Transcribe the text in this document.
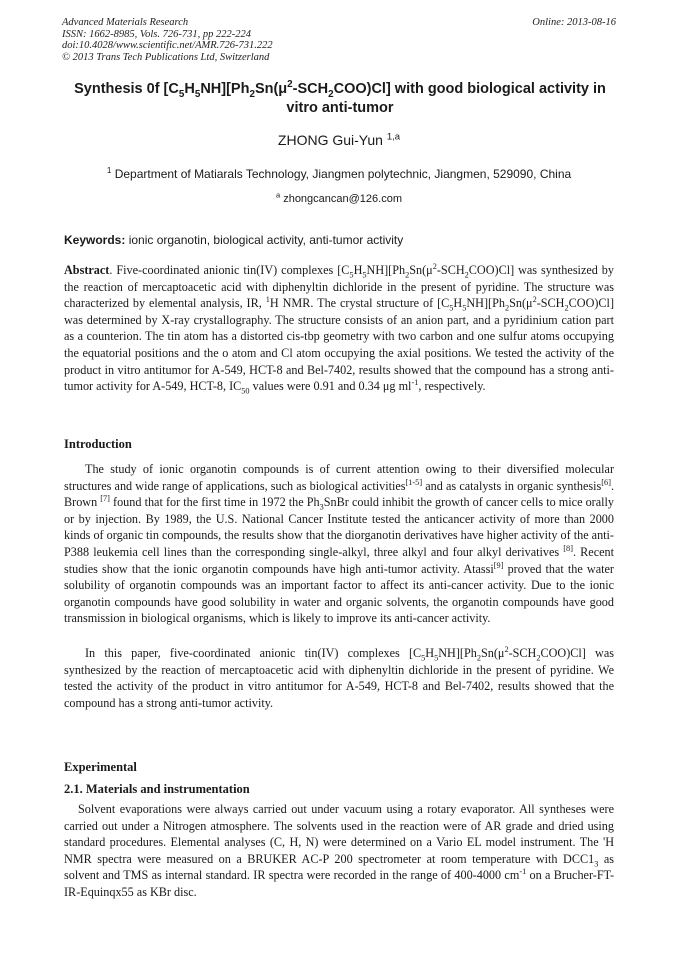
Advanced Materials Research
ISSN: 1662-8985, Vols. 726-731, pp 222-224
doi:10.4028/www.scientific.net/AMR.726-731.222
© 2013 Trans Tech Publications Ltd, Switzerland
Online: 2013-08-16
Synthesis 0f $[C_5H_5NH][Ph_2Sn(\mu^2-SCH_2COO)Cl]$ with good biological activity in vitro anti-tumor
ZHONG Gui-Yun $^{1,a}$
$^1$ Department of Matiarals Technology, Jiangmen polytechnic, Jiangmen, 529090, China
$^a$ zhongcancan@126.com
Keywords: ionic organotin, biological activity, anti-tumor activity
Abstract. Five-coordinated anionic tin(IV) complexes $[C_5H_5NH][Ph_2Sn(\mu^2-SCH_2COO)Cl]$ was synthesized by the reaction of mercaptoacetic acid with diphenyltin dichloride in the present of pyridine. The structure was characterized by elemental analysis, IR, $^1$H NMR. The crystal structure of $[C_5H_5NH][Ph_2Sn(\mu^2-SCH_2COO)Cl]$ was determined by X-ray crystallography. The structure consists of an anion part, and a pyridinium cation part as a counterion. The tin atom has a distorted cis-tbp geometry with two carbon and one sulfur atoms occupying the equatorial positions and the o atom and Cl atom occupying the axial positions. We tested the activity of the product in vitro antitumor for A-549, HCT-8 and Bel-7402, results showed that the compound has a strong anti-tumor activity for A-549, HCT-8, $IC_{50}$ values were 0.91 and 0.34 μg $ml^{-1}$, respectively.
Introduction
The study of ionic organotin compounds is of current attention owing to their diversified molecular structures and wide range of applications, such as biological activities[1-5] and as catalysts in organic synthesis[6]. Brown [7] found that for the first time in 1972 the $Ph_3SnBr$ could inhibit the growth of cancer cells to mice orally or by injection. By 1989, the U.S. National Cancer Institute tested the anticancer activity of more than 2000 kinds of organic tin compounds, the results show that the diorganotin derivatives have higher activity of the anti-P388 leukemia cell lines than the corresponding single-alkyl, three alkyl and four alkyl derivatives [8]. Recent studies show that the ionic organotin compounds have high anti-tumor activity. Atassi[9] proved that the water solubility of organotin compounds was an important factor to affect its anti-cancer activity. Due to the ionic organotin compounds have good solubility in water and organic solvents, the organotin compounds have good transmission in biological organisms, which is likely to improve its anti-cancer activity.
In this paper, five-coordinated anionic tin(IV) complexes $[C_5H_5NH][Ph_2Sn(\mu^2-SCH_2COO)Cl]$ was synthesized by the reaction of mercaptoacetic acid with diphenyltin dichloride in the present of pyridine. We tested the activity of the product in vitro antitumor for A-549, HCT-8 and Bel-7402, results showed that the compound has a strong anti-tumor activity.
Experimental
2.1. Materials and instrumentation
Solvent evaporations were always carried out under vacuum using a rotary evaporator. All syntheses were carried out under a Nitrogen atmosphere. The solvents used in the reaction were of AR grade and dried using standard procedures. Elemental analyses (C, H, N) were determined on a Vario EL model instrument. The 'H NMR spectra were measured on a BRUKER AC-P 200 spectrometer at room temperature with $DCC1_3$ as solvent and TMS as internal standard. IR spectra were recorded in the range of 400-4000 $cm^{-1}$ on a Brucher-FT-IR-Equinqx55 as KBr disc.
